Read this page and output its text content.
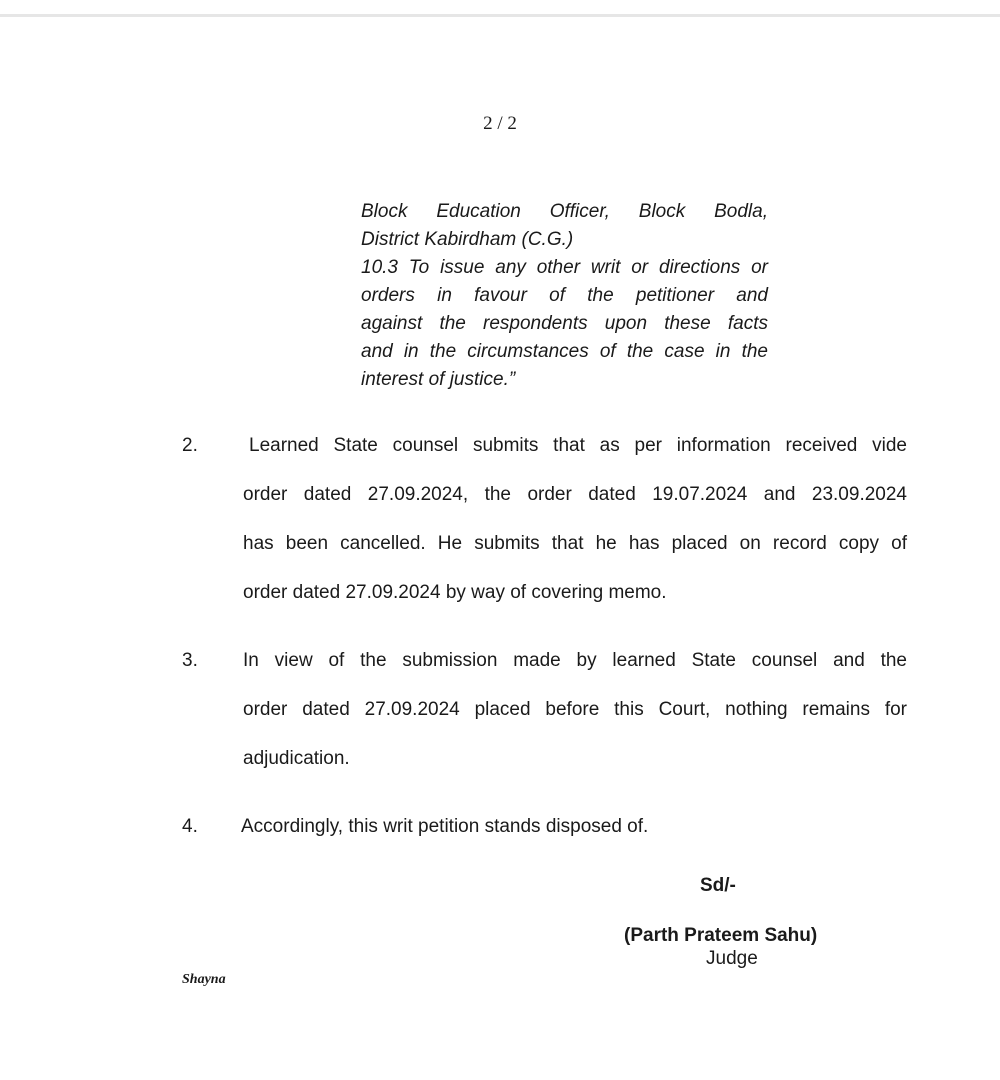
2 / 2
Block Education Officer, Block Bodla,
District Kabirdham (C.G.)
10.3 To issue any other writ or directions or
orders in favour of the petitioner and
against the respondents upon these facts
and in the circumstances of the case in the
interest of justice.”
2.	Learned State counsel submits that as per information received vide
order dated 27.09.2024, the order dated 19.07.2024 and 23.09.2024
has been cancelled. He submits that he has placed on record copy of
order dated 27.09.2024 by way of covering memo.
3. In view of the submission made by learned State counsel and the
order dated 27.09.2024 placed before this Court, nothing remains for
adjudication.
4. Accordingly, this writ petition stands disposed of.
Sd/-
(Parth Prateem Sahu)
Judge
Shayna
